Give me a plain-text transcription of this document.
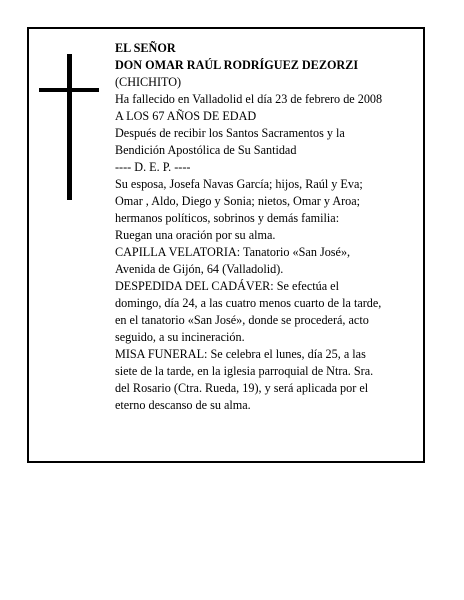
EL SEÑOR
DON OMAR RAÚL RODRÍGUEZ DEZORZI
(CHICHITO)
Ha fallecido en Valladolid el día 23 de febrero de 2008
A LOS 67 AÑOS DE EDAD
Después de recibir los Santos Sacramentos y la
Bendición Apostólica de Su Santidad
---- D. E. P. ----
Su esposa, Josefa Navas García; hijos, Raúl y Eva;
Omar , Aldo, Diego y Sonia; nietos, Omar y Aroa;
hermanos políticos, sobrinos y demás familia:
Ruegan una oración por su alma.
CAPILLA VELATORIA: Tanatorio «San José»,
Avenida de Gijón, 64 (Valladolid).
DESPEDIDA DEL CADÁVER: Se efectúa el
domingo, día 24, a las cuatro menos cuarto de la tarde,
en el tanatorio «San José», donde se procederá, acto
seguido, a su incineración.
MISA FUNERAL: Se celebra el lunes, día 25, a las
siete de la tarde, en la iglesia parroquial de Ntra. Sra.
del Rosario (Ctra. Rueda, 19), y será aplicada por el
eterno descanso de su alma.
